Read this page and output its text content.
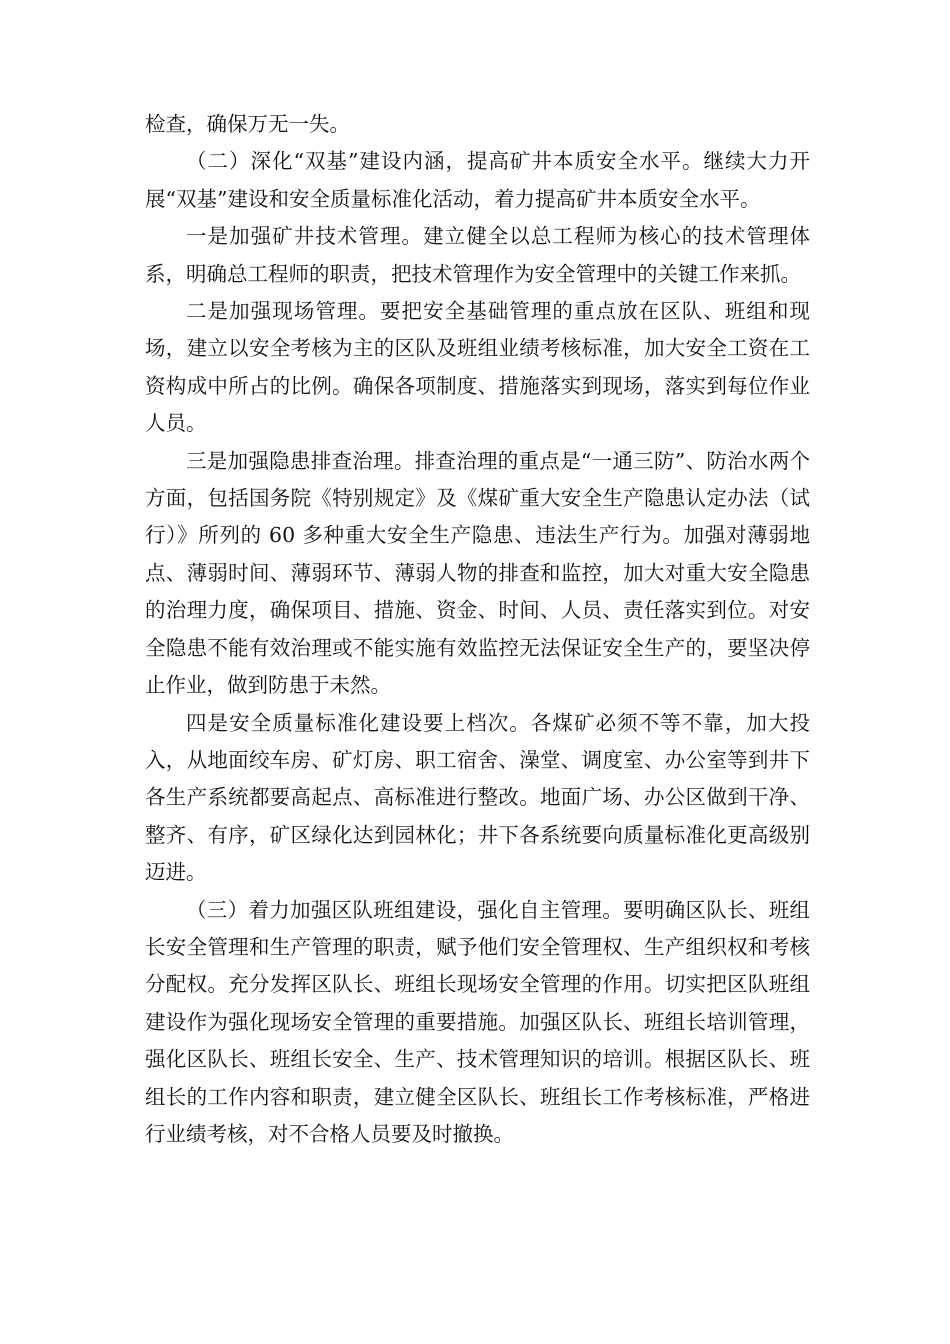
检查，确保万无一失。

（二）深化“双基”建设内涵，提高矿井本质安全水平。继续大力开展“双基”建设和安全质量标准化活动，着力提高矿井本质安全水平。

一是加强矿井技术管理。建立健全以总工程师为核心的技术管理体系，明确总工程师的职责，把技术管理作为安全管理中的关键工作来抓。

二是加强现场管理。要把安全基础管理的重点放在区队、班组和现场，建立以安全考核为主的区队及班组业绩考核标准，加大安全工资在工资构成中所占的比例。确保各项制度、措施落实到现场，落实到每位作业人员。

三是加强隐患排查治理。排查治理的重点是“一通三防”、防治水两个方面，包括国务院《特别规定》及《煤矿重大安全生产隐患认定办法（试行）》所列的 60 多种重大安全生产隐患、违法生产行为。加强对薄弱地点、薄弱时间、薄弱环节、薄弱人物的排查和监控，加大对重大安全隐患的治理力度，确保项目、措施、资金、时间、人员、责任落实到位。对安全隐患不能有效治理或不能实施有效监控无法保证安全生产的，要坚决停止作业，做到防患于未然。

四是安全质量标准化建设要上档次。各煤矿必须不等不靠，加大投入，从地面绞车房、矿灯房、职工宿舍、澡堂、调度室、办公室等到井下各生产系统都要高起点、高标准进行整改。地面广场、办公区做到干净、整齐、有序，矿区绿化达到园林化；井下各系统要向质量标准化更高级别迈进。

（三）着力加强区队班组建设，强化自主管理。要明确区队长、班组长安全管理和生产管理的职责，赋予他们安全管理权、生产组织权和考核分配权。充分发挥区队长、班组长现场安全管理的作用。切实把区队班组建设作为强化现场安全管理的重要措施。加强区队长、班组长培训管理，强化区队长、班组长安全、生产、技术管理知识的培训。根据区队长、班组长的工作内容和职责，建立健全区队长、班组长工作考核标准，严格进行业绩考核，对不合格人员要及时撤换。
